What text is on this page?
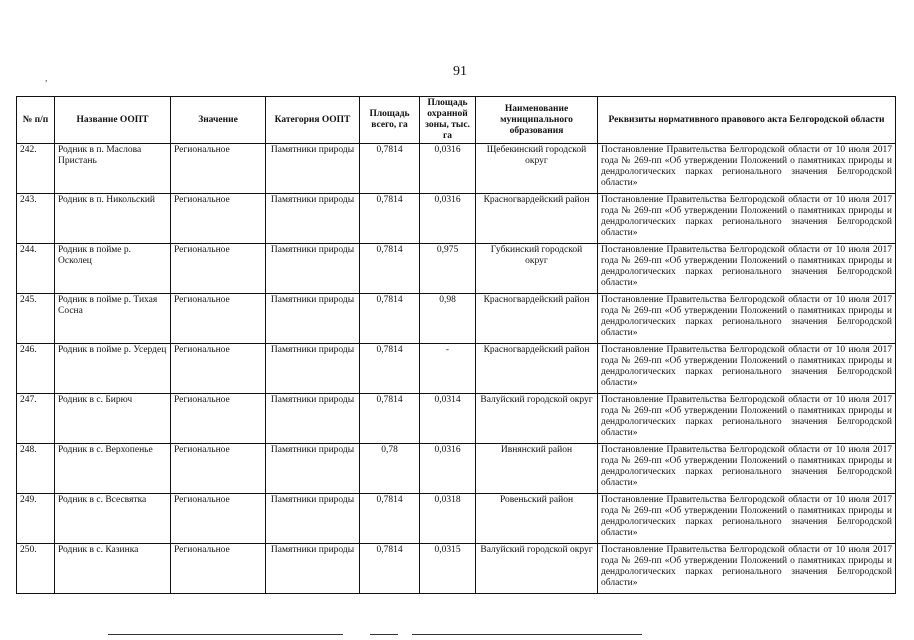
91
,
№ п/п	Название ООПТ	Значение	Категория ООПТ	Площадь всего, га	Площадь охранной зоны, тыс. га	Наименование муниципального образования	Реквизиты нормативного правового акта Белгородской области
242.	Родник в п. Маслова Пристань	Региональное	Памятники природы	0,7814	0,0316	Щебекинский городской округ	Постановление Правительства Белгородской области от 10 июля 2017 года № 269-пп «Об утверждении Положений о памятниках природы и дендрологических парках регионального значения Белгородской области»
243.	Родник в п. Никольский	Региональное	Памятники природы	0,7814	0,0316	Красногвардейский район	Постановление Правительства Белгородской области от 10 июля 2017 года № 269-пп «Об утверждении Положений о памятниках природы и дендрологических парках регионального значения Белгородской области»
244.	Родник в пойме р. Осколец	Региональное	Памятники природы	0,7814	0,975	Губкинский городской округ	Постановление Правительства Белгородской области от 10 июля 2017 года № 269-пп «Об утверждении Положений о памятниках природы и дендрологических парках регионального значения Белгородской области»
245.	Родник в пойме р. Тихая Сосна	Региональное	Памятники природы	0,7814	0,98	Красногвардейский район	Постановление Правительства Белгородской области от 10 июля 2017 года № 269-пп «Об утверждении Положений о памятниках природы и дендрологических парках регионального значения Белгородской области»
246.	Родник в пойме р. Усердец	Региональное	Памятники природы	0,7814	-	Красногвардейский район	Постановление Правительства Белгородской области от 10 июля 2017 года № 269-пп «Об утверждении Положений о памятниках природы и дендрологических парках регионального значения Белгородской области»
247.	Родник в с. Бирюч	Региональное	Памятники природы	0,7814	0,0314	Валуйский городской округ	Постановление Правительства Белгородской области от 10 июля 2017 года № 269-пп «Об утверждении Положений о памятниках природы и дендрологических парках регионального значения Белгородской области»
248.	Родник в с. Верхопенье	Региональное	Памятники природы	0,78	0,0316	Ивнянский район	Постановление Правительства Белгородской области от 10 июля 2017 года № 269-пп «Об утверждении Положений о памятниках природы и дендрологических парках регионального значения Белгородской области»
249.	Родник в с. Всесвятка	Региональное	Памятники природы	0,7814	0,0318	Ровеньский район	Постановление Правительства Белгородской области от 10 июля 2017 года № 269-пп «Об утверждении Положений о памятниках природы и дендрологических парках регионального значения Белгородской области»
250.	Родник в с. Казинка	Региональное	Памятники природы	0,7814	0,0315	Валуйский городской округ	Постановление Правительства Белгородской области от 10 июля 2017 года № 269-пп «Об утверждении Положений о памятниках природы и дендрологических парках регионального значения Белгородской области»
